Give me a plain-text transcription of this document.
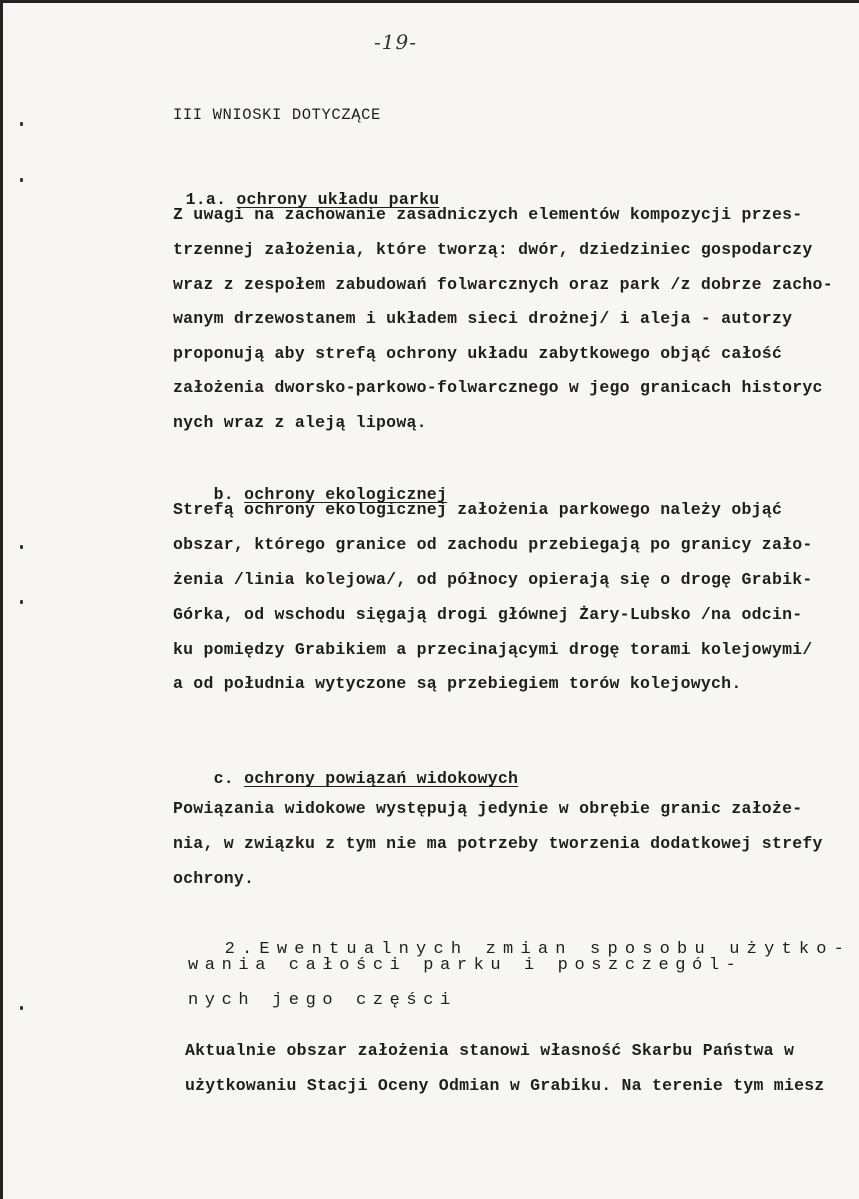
-19-
III WNIOSKI DOTYCZĄCE

1.a. ochrony układu parku

Z uwagi na zachowanie zasadniczych elementów kompozycji przes-
trzennej założenia, które tworzą: dwór, dziedziniec gospodarczy
wraz z zespołem zabudowań folwarcznych oraz park /z dobrze zacho-
wanym drzewostanem i układem sieci drożnej/ i aleja - autorzy
proponują aby strefą ochrony układu zabytkowego objąć całość
założenia dworsko-parkowo-folwarcznego w jego granicach historyc
nych wraz z aleją lipową.

b. ochrony ekologicznej

Strefą ochrony ekologicznej założenia parkowego należy objąć
obszar, którego granice od zachodu przebiegają po granicy zało-
żenia /linia kolejowa/, od północy opierają się o drogę Grabik-
Górka, od wschodu sięgają drogi głównej Żary-Lubsko /na odcin-
ku pomiędzy Grabikiem a przecinającymi drogę torami kolejowymi/
a od południa wytyczone są przebiegiem torów kolejowych.

c. ochrony powiązań widokowych

Powiązania widokowe występują jedynie w obrębie granic założe-
nia, w związku z tym nie ma potrzeby tworzenia dodatkowej strefy
ochrony.

2.Ewentualnych zmian sposobu użytko-

wania całości parku i poszczegól-
nych jego części
Aktualnie obszar założenia stanowi własność Skarbu Państwa w
użytkowaniu Stacji Oceny Odmian w Grabiku. Na terenie tym miesz
